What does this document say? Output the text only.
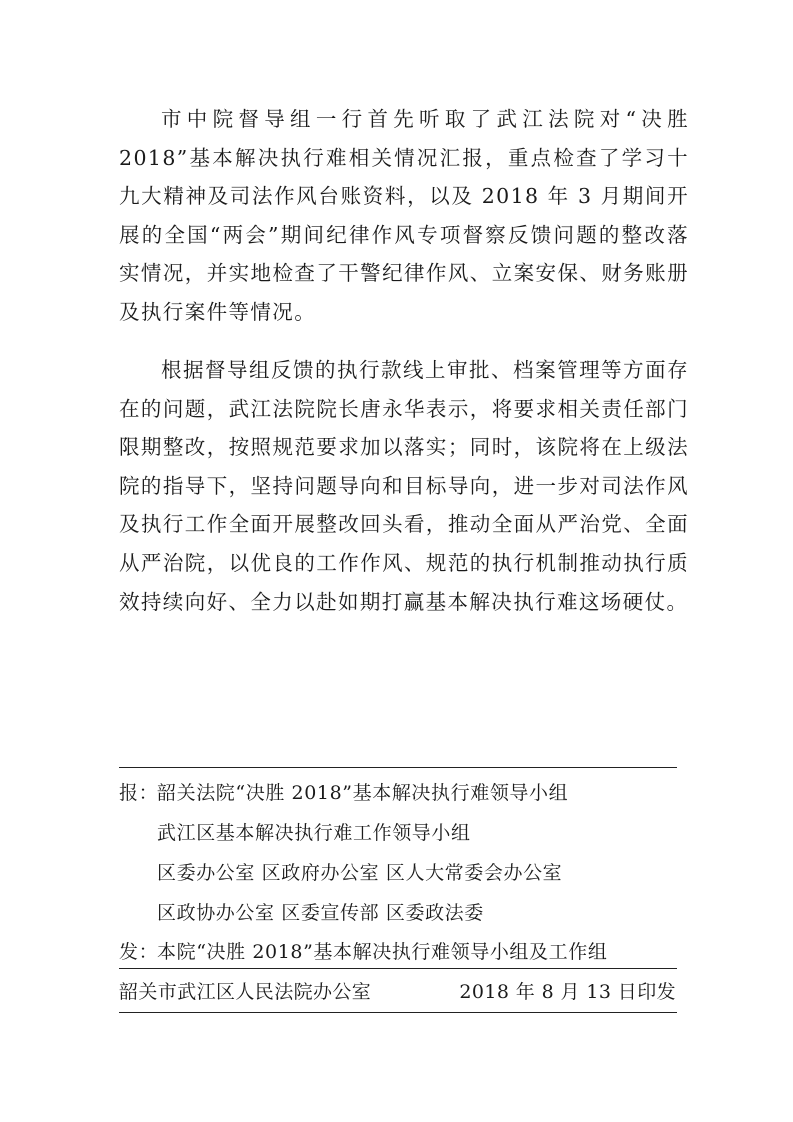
市中院督导组一行首先听取了武江法院对“决胜 2018”基本解决执行难相关情况汇报，重点检查了学习十九大精神及司法作风台账资料，以及 2018 年 3 月期间开展的全国“两会”期间纪律作风专项督察反馈问题的整改落实情况，并实地检查了干警纪律作风、立案安保、财务账册及执行案件等情况。

根据督导组反馈的执行款线上审批、档案管理等方面存在的问题，武江法院院长唐永华表示，将要求相关责任部门限期整改，按照规范要求加以落实；同时，该院将在上级法院的指导下，坚持问题导向和目标导向，进一步对司法作风及执行工作全面开展整改回头看，推动全面从严治党、全面从严治院，以优良的工作作风、规范的执行机制推动执行质效持续向好、全力以赴如期打赢基本解决执行难这场硬仗。

报：韶关法院“决胜 2018”基本解决执行难领导小组
武江区基本解决执行难工作领导小组
区委办公室 区政府办公室 区人大常委会办公室
区政协办公室 区委宣传部 区委政法委
发：本院“决胜 2018”基本解决执行难领导小组及工作组
韶关市武江区人民法院办公室	2018 年 8 月 13 日印发
